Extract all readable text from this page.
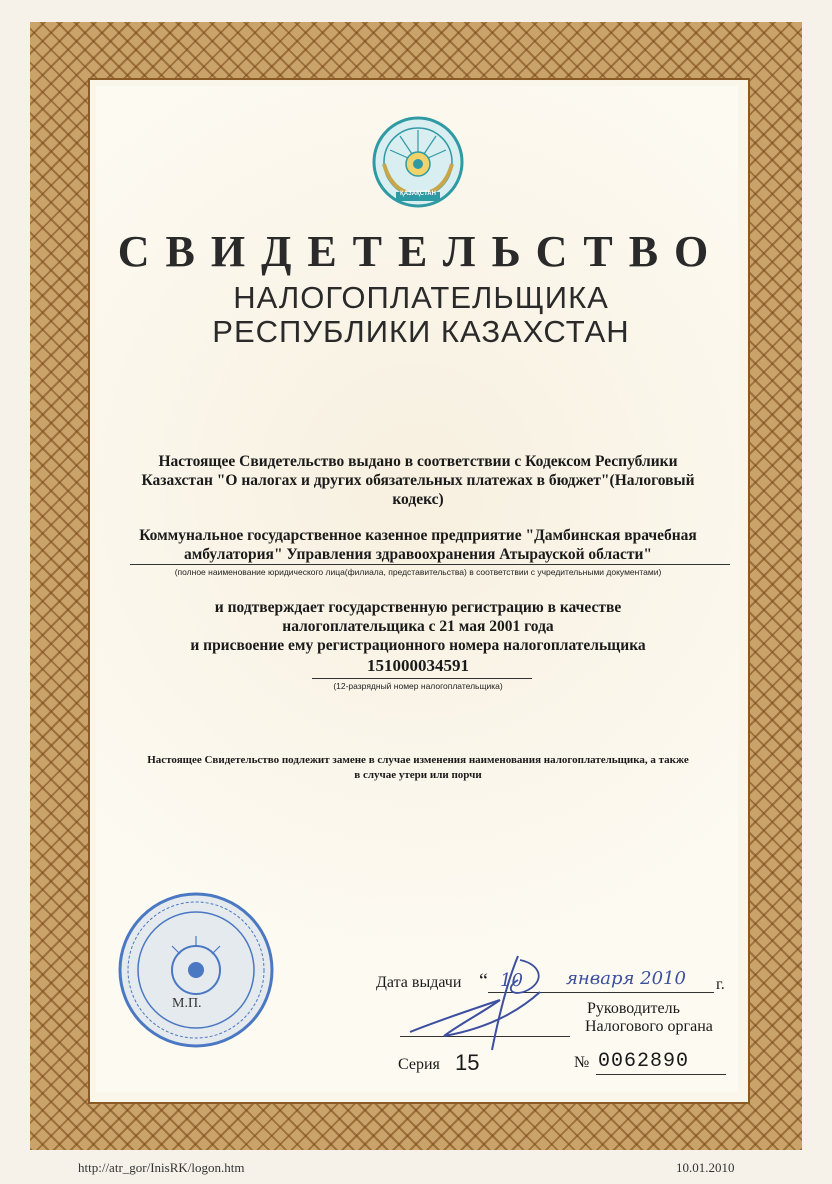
ҚАЗАҚСТАН
СВИДЕТЕЛЬСТВО
НАЛОГОПЛАТЕЛЬЩИКА
РЕСПУБЛИКИ КАЗАХСТАН
Настоящее Свидетельство выдано в соответствии с Кодексом Республики
Казахстан "О налогах и других обязательных платежах в бюджет"(Налоговый
кодекс)
Коммунальное государственное казенное предприятие "Дамбинская врачебная
амбулатория" Управления здравоохранения Атырауской области"
(полное наименование юридического лица(филиала, представительства) в соответствии с учредительными документами)
и подтверждает государственную регистрацию в качестве
налогоплательщика с 21 мая 2001 года
и присвоение ему регистрационного номера налогоплательщика
151000034591
(12-разрядный номер налогоплательщика)
Настоящее Свидетельство подлежит замене в случае изменения наименования налогоплательщика, а также
в случае утери или порчи
М.П.
Дата выдачи “ 10 января 2010 г.
Руководитель
Налогового органа
Серия 15	№ 0062890
http://atr_gor/InisRK/logon.htm	10.01.2010
